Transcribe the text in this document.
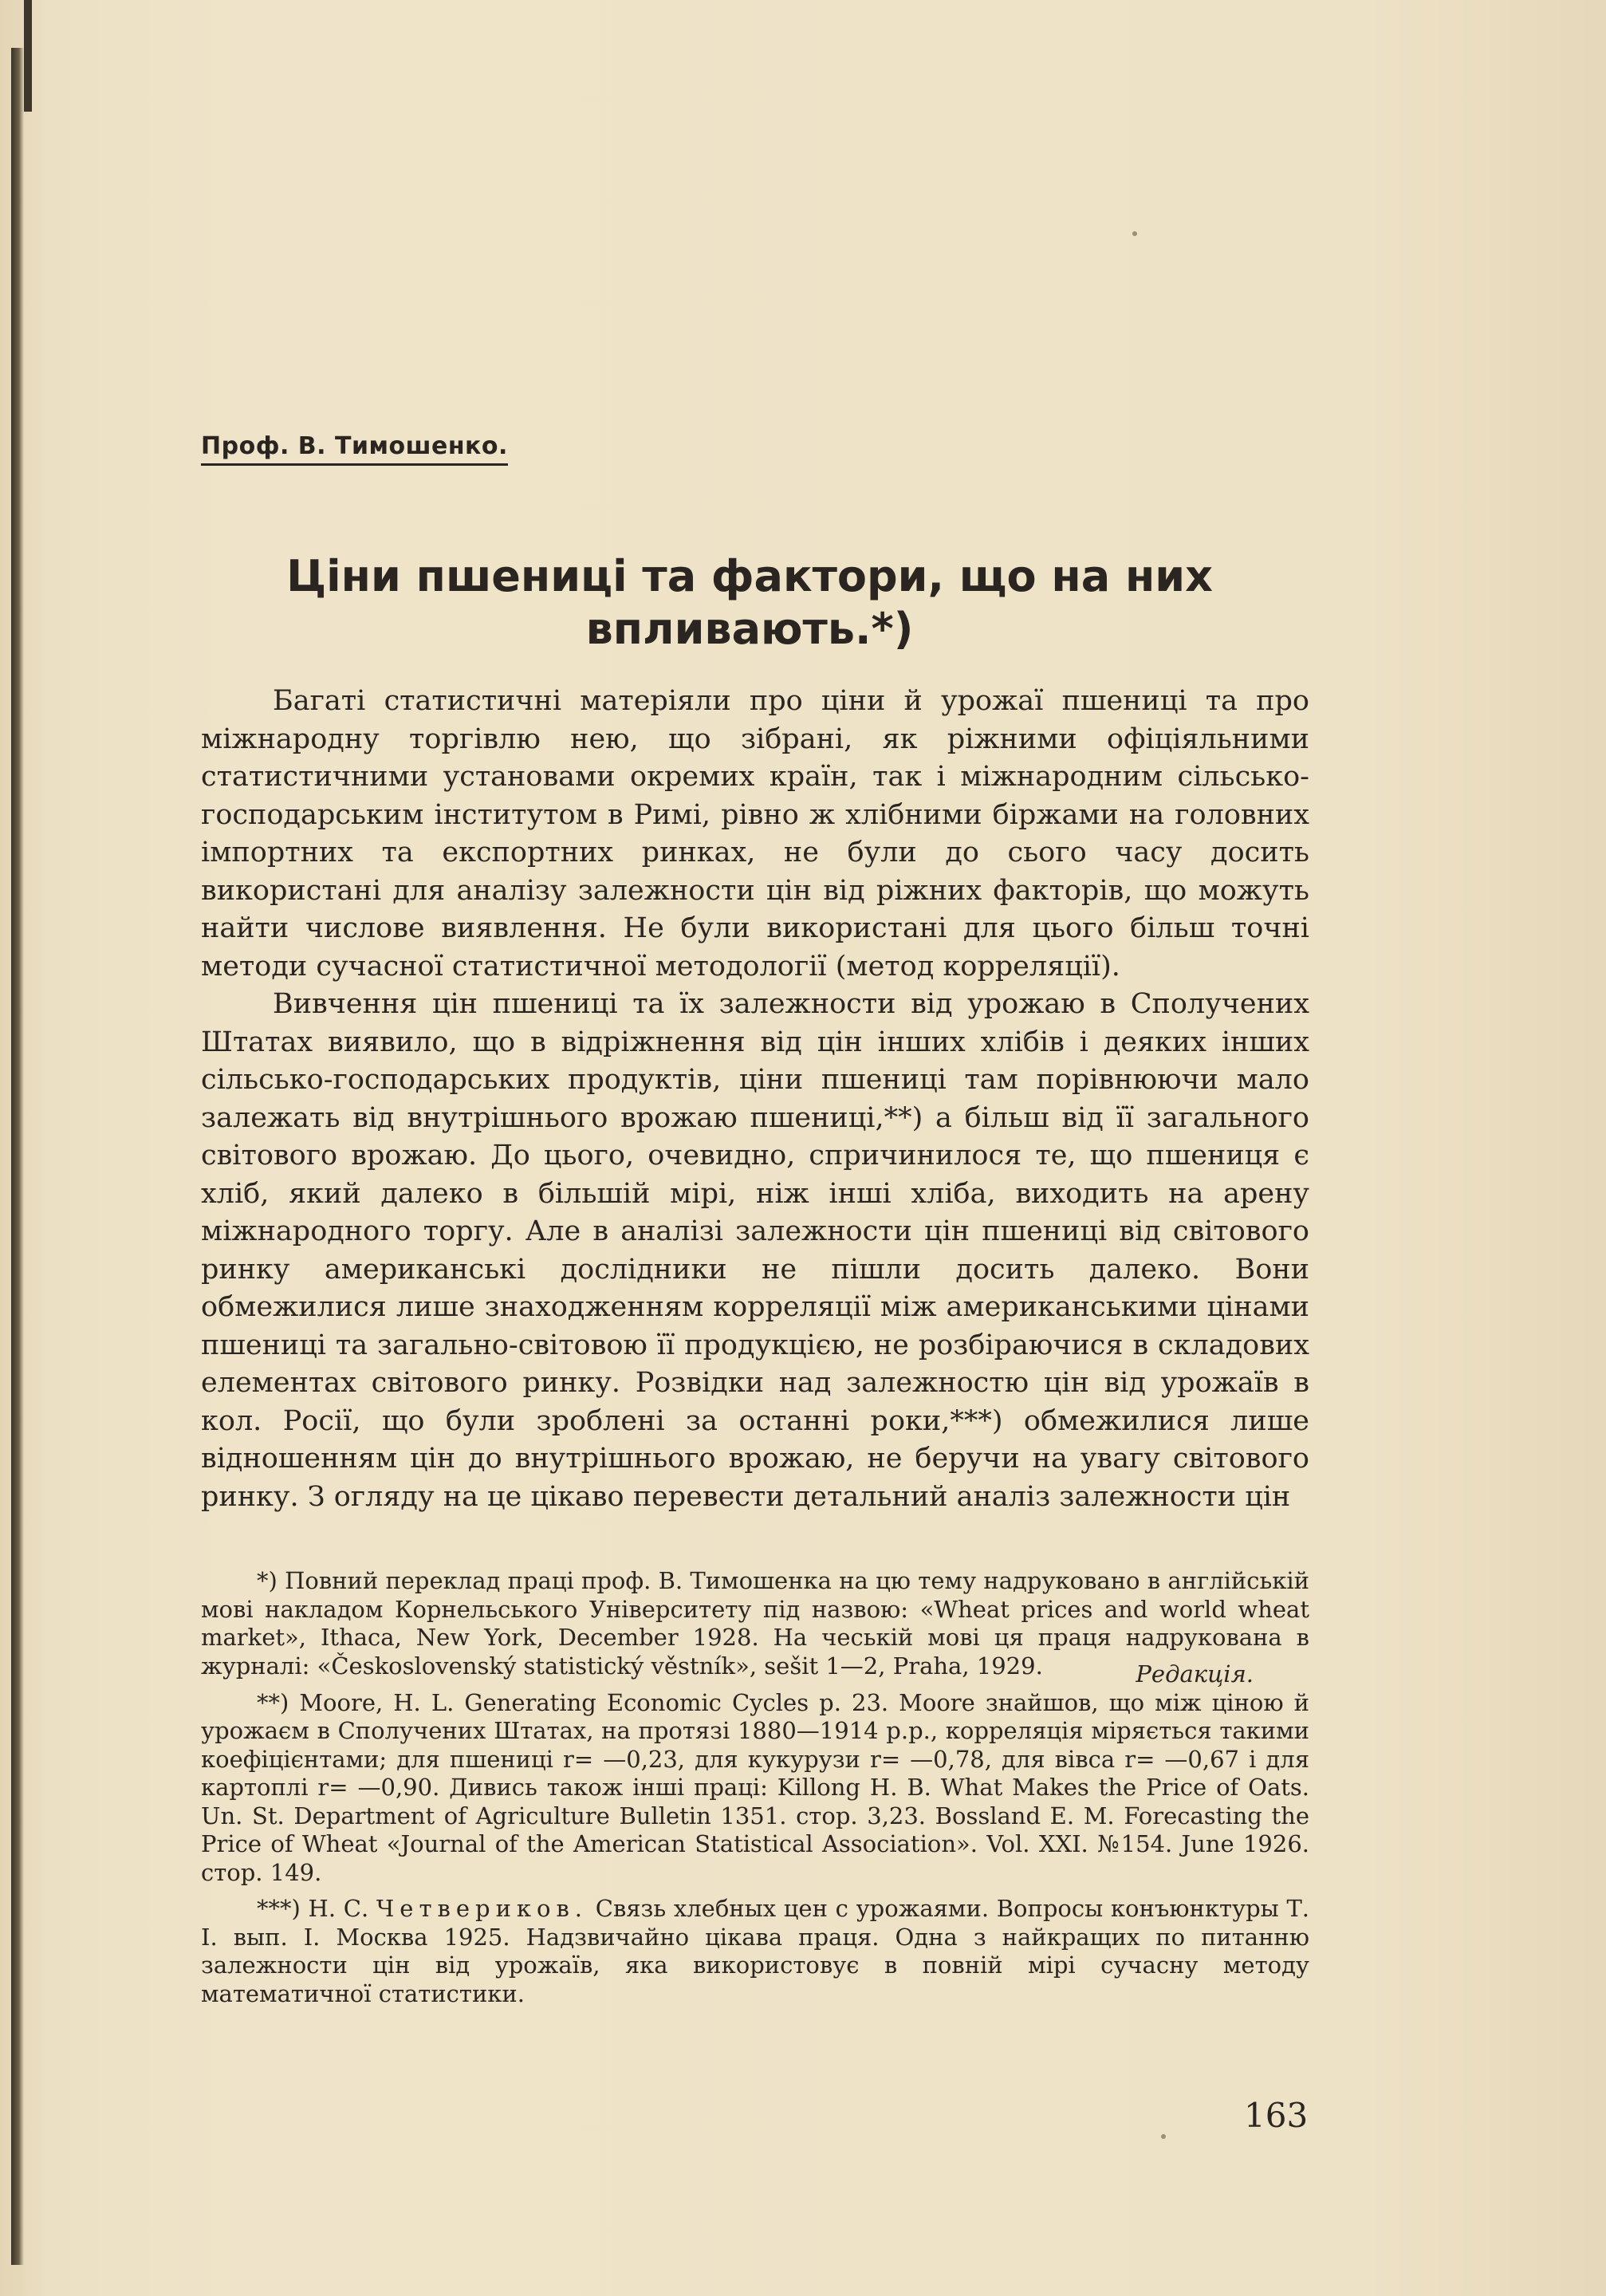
Проф. В. Тимошенко.
Ціни пшениці та фактори, що на них впливають.*)

Багаті статистичні матеріяли про ціни й урожаї пшениці та про міжнародну торгівлю нею, що зібрані, як ріжними офіціяльними статистичними установами окремих країн, так і міжнародним сільсько-господарським інститутом в Римі, рівно ж хлібними біржами на головних імпортних та експортних ринках, не були до сього часу досить використані для аналізу залежности цін від ріжних факторів, що можуть найти числове виявлення. Не були використані для цього більш точні методи сучасної статистичної методології (метод корреляції).

Вивчення цін пшениці та їх залежности від урожаю в Сполучених Штатах виявило, що в відріжнення від цін інших хлібів і деяких інших сільсько-господарських продуктів, ціни пшениці там порівнюючи мало залежать від внутрішнього врожаю пшениці,**) а більш від її загального світового врожаю. До цього, очевидно, спричинилося те, що пшениця є хліб, який далеко в більшій мірі, ніж інші хліба, виходить на арену міжнародного торгу. Але в аналізі залежности цін пшениці від світового ринку американські дослідники не пішли досить далеко. Вони обмежилися лише знаходженням корреляції між американськими цінами пшениці та загально-світовою її продукцією, не розбіраючися в складових елементах світового ринку. Розвідки над залежностю цін від урожаїв в кол. Росії, що були зроблені за останні роки,***) обмежилися лише відношенням цін до внутрішнього врожаю, не беручи на увагу світового ринку. З огляду на це цікаво перевести детальний аналіз залежности цін

*) Повний переклад праці проф. В. Тимошенка на цю тему надруковано в англійській мові накладом Корнельського Університету під назвою: «Wheat prices and world wheat market», Ithaca, New York, December 1928. На чеській мові ця праця надрукована в журналі: «Československý statistický věstník», sešit 1—2, Praha, 1929.	Редакція.

**) Moore, H. L. Generating Economic Cycles p. 23. Moore знайшов, що між ціною й урожаєм в Сполучених Штатах, на протязі 1880—1914 р.р., корреляція міряється такими коефіцієнтами; для пшениці r= —0,23, для кукурузи r= —0,78, для вівса r= —0,67 і для картоплі r= —0,90. Дивись також інші праці: Killong H. B. What Makes the Price of Oats. Un. St. Department of Agriculture Bulletin 1351. стор. 3,23. Bossland E. M. Forecasting the Price of Wheat «Journal of the American Statistical Association». Vol. XXI. №154. June 1926. стор. 149.

***) Н. С. Четвериков. Связь хлебных цен с урожаями. Вопросы конъюнктуры Т. I. вып. I. Москва 1925. Надзвичайно цікава праця. Одна з найкращих по питанню залежности цін від урожаїв, яка використовує в повній мірі сучасну методу математичної статистики.

163
